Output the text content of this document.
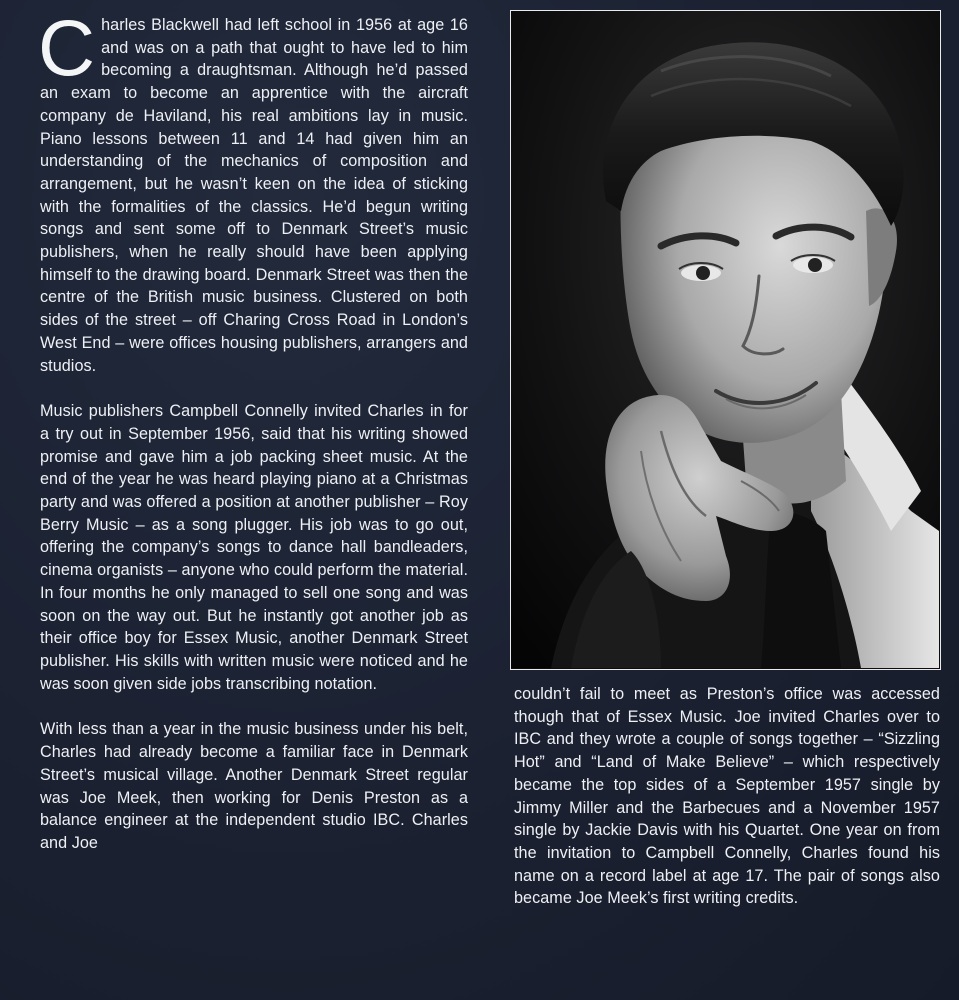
Charles Blackwell had left school in 1956 at age 16 and was on a path that ought to have led to him becoming a draughtsman. Although he’d passed an exam to become an apprentice with the aircraft company de Haviland, his real ambitions lay in music. Piano lessons between 11 and 14 had given him an understanding of the mechanics of composition and arrangement, but he wasn’t keen on the idea of sticking with the formalities of the classics. He’d begun writing songs and sent some off to Denmark Street’s music publishers, when he really should have been applying himself to the drawing board. Denmark Street was then the centre of the British music business. Clustered on both sides of the street – off Charing Cross Road in London’s West End – were offices housing publishers, arrangers and studios.

Music publishers Campbell Connelly invited Charles in for a try out in September 1956, said that his writing showed promise and gave him a job packing sheet music. At the end of the year he was heard playing piano at a Christmas party and was offered a position at another publisher – Roy Berry Music – as a song plugger. His job was to go out, offering the company’s songs to dance hall bandleaders, cinema organists – anyone who could perform the material. In four months he only managed to sell one song and was soon on the way out. But he instantly got another job as their office boy for Essex Music, another Denmark Street publisher. His skills with written music were noticed and he was soon given side jobs transcribing notation.

With less than a year in the music business under his belt, Charles had already become a familiar face in Denmark Street’s musical village. Another Denmark Street regular was Joe Meek, then working for Denis Preston as a balance engineer at the independent studio IBC. Charles and Joe

couldn’t fail to meet as Preston’s office was accessed though that of Essex Music. Joe invited Charles over to IBC and they wrote a couple of songs together – “Sizzling Hot” and “Land of Make Believe” – which respectively became the top sides of a September 1957 single by Jimmy Miller and the Barbecues and a November 1957 single by Jackie Davis with his Quartet. One year on from the invitation to Campbell Connelly, Charles found his name on a record label at age 17. The pair of songs also became Joe Meek’s first writing credits.
